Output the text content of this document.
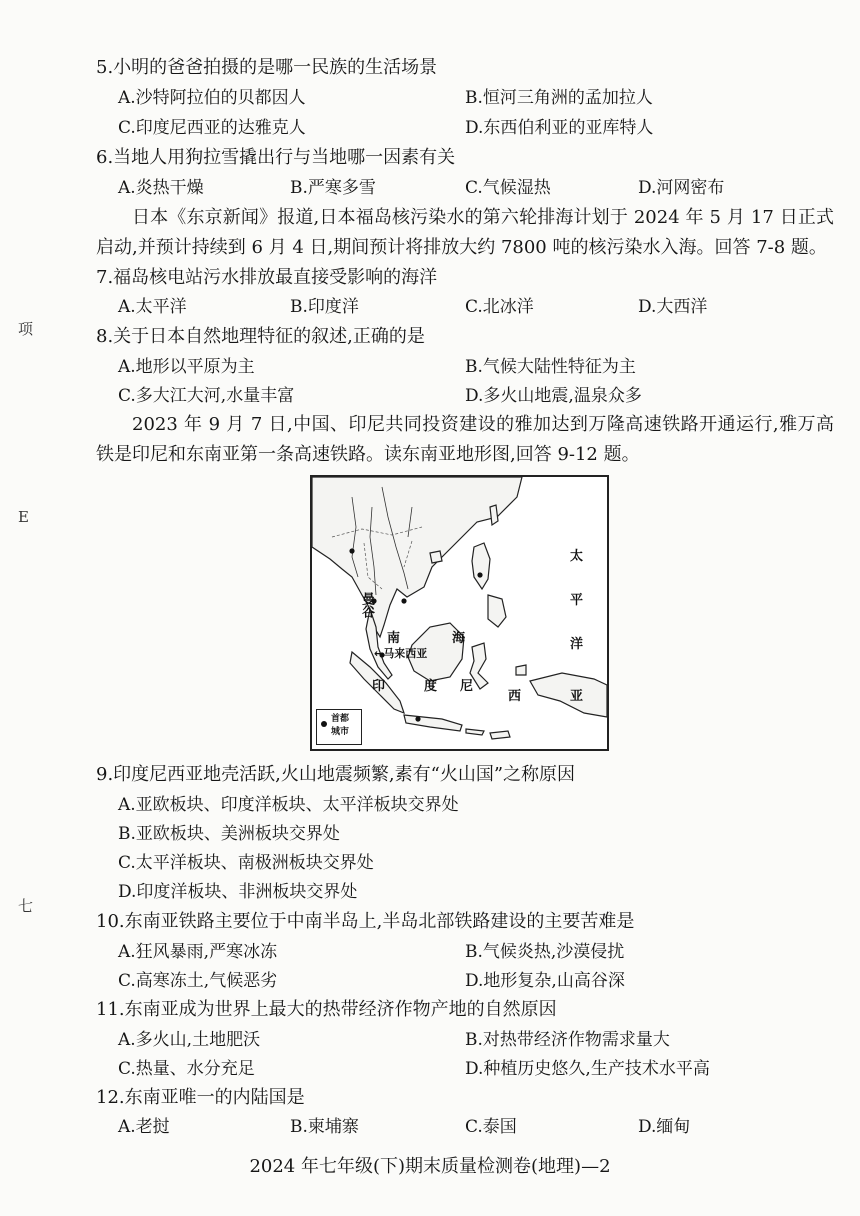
项
E
七
5.小明的爸爸拍摄的是哪一民族的生活场景
A.沙特阿拉伯的贝都因人	B.恒河三角洲的孟加拉人
C.印度尼西亚的达雅克人	D.东西伯利亚的亚库特人
6.当地人用狗拉雪撬出行与当地哪一因素有关
A.炎热干燥	B.严寒多雪	C.气候湿热	D.河网密布
日本《东京新闻》报道,日本福岛核污染水的第六轮排海计划于 2024 年 5 月 17 日正式启动,并预计持续到 6 月 4 日,期间预计将排放大约 7800 吨的核污染水入海。回答 7-8 题。
7.福岛核电站污水排放最直接受影响的海洋
A.太平洋	B.印度洋	C.北冰洋	D.大西洋
8.关于日本自然地理特征的叙述,正确的是
A.地形以平原为主	B.气候大陆性特征为主
C.多大江大河,水量丰富	D.多火山地震,温泉众多
2023 年 9 月 7 日,中国、印尼共同投资建设的雅加达到万隆高速铁路开通运行,雅万高铁是印尼和东南亚第一条高速铁路。读东南亚地形图,回答 9-12 题。
曼谷
南	海
←马来西亚
印	度 尼
西	亚
太
平
洋
首都
城市
9.印度尼西亚地壳活跃,火山地震频繁,素有“火山国”之称原因
A.亚欧板块、印度洋板块、太平洋板块交界处
B.亚欧板块、美洲板块交界处
C.太平洋板块、南极洲板块交界处
D.印度洋板块、非洲板块交界处
10.东南亚铁路主要位于中南半岛上,半岛北部铁路建设的主要苦难是
A.狂风暴雨,严寒冰冻	B.气候炎热,沙漠侵扰
C.高寒冻土,气候恶劣	D.地形复杂,山高谷深
11.东南亚成为世界上最大的热带经济作物产地的自然原因
A.多火山,土地肥沃	B.对热带经济作物需求量大
C.热量、水分充足	D.种植历史悠久,生产技术水平高
12.东南亚唯一的内陆国是
A.老挝	B.柬埔寨	C.泰国	D.缅甸
2024 年七年级(下)期末质量检测卷(地理)—2
